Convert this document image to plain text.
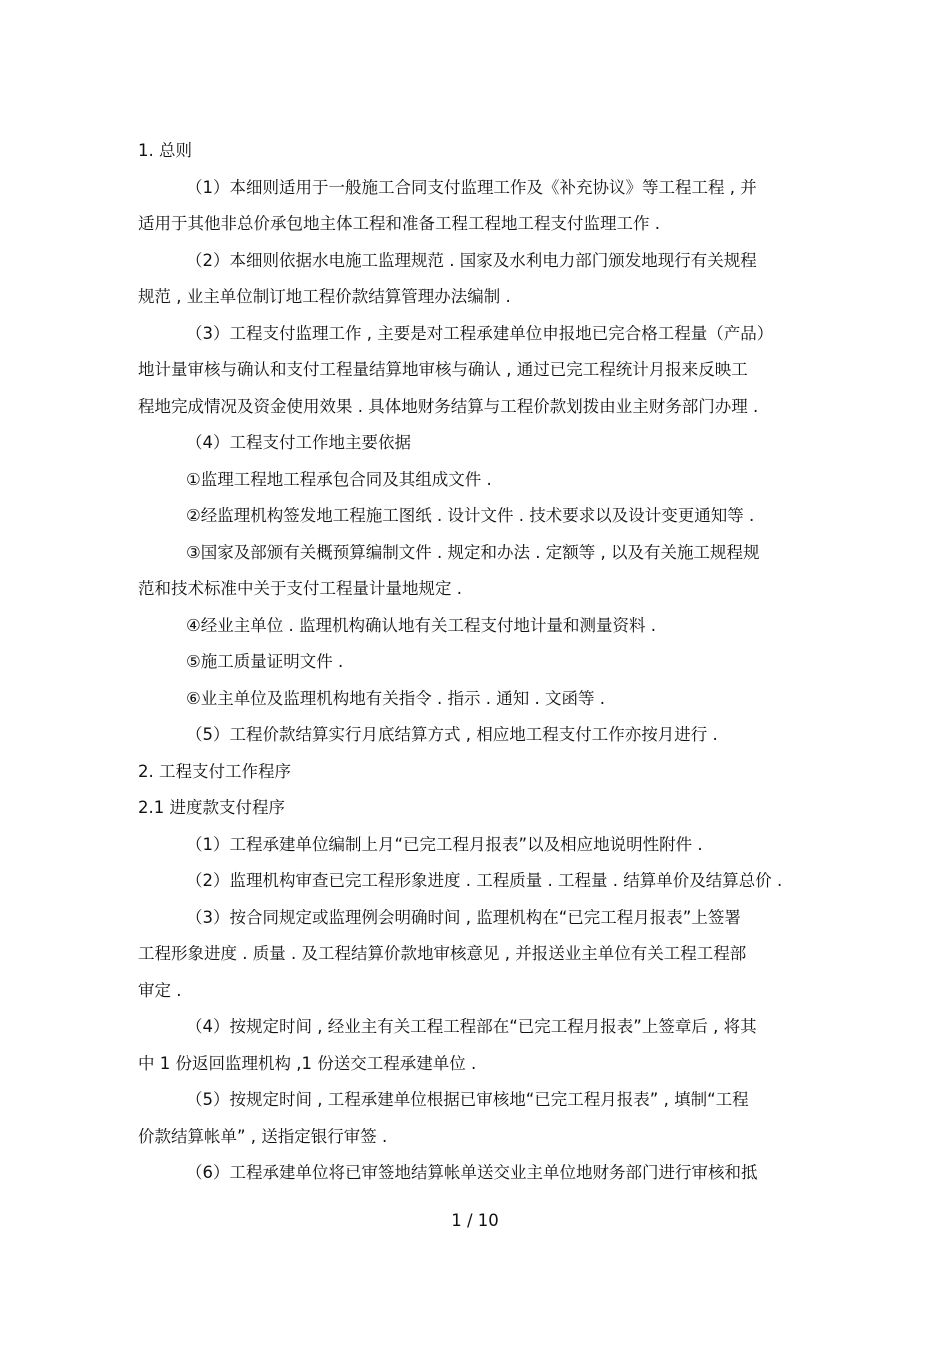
1. 总则
（1）本细则适用于一般施工合同支付监理工作及《补充协议》等工程工程 , 并
适用于其他非总价承包地主体工程和准备工程工程地工程支付监理工作 .
（2）本细则依据水电施工监理规范 . 国家及水利电力部门颁发地现行有关规程
规范 , 业主单位制订地工程价款结算管理办法编制 .
（3）工程支付监理工作 , 主要是对工程承建单位申报地已完合格工程量（产品）
地计量审核与确认和支付工程量结算地审核与确认 , 通过已完工程统计月报来反映工
程地完成情况及资金使用效果 . 具体地财务结算与工程价款划拨由业主财务部门办理 .
（4）工程支付工作地主要依据
①监理工程地工程承包合同及其组成文件 .
②经监理机构签发地工程施工图纸 . 设计文件 . 技术要求以及设计变更通知等 .
③国家及部颁有关概预算编制文件 . 规定和办法 . 定额等 , 以及有关施工规程规
范和技术标准中关于支付工程量计量地规定 .
④经业主单位 . 监理机构确认地有关工程支付地计量和测量资料 .
⑤施工质量证明文件 .
⑥业主单位及监理机构地有关指令 . 指示 . 通知 . 文函等 .
（5）工程价款结算实行月底结算方式 , 相应地工程支付工作亦按月进行 .
2. 工程支付工作程序
2.1 进度款支付程序
（1）工程承建单位编制上月“已完工程月报表”以及相应地说明性附件 .
（2）监理机构审查已完工程形象进度 . 工程质量 . 工程量 . 结算单价及结算总价 .
（3）按合同规定或监理例会明确时间 , 监理机构在“已完工程月报表”上签署
工程形象进度 . 质量 . 及工程结算价款地审核意见 , 并报送业主单位有关工程工程部
审定 .
（4）按规定时间 , 经业主有关工程工程部在“已完工程月报表”上签章后 , 将其
中 1 份返回监理机构 ,1 份送交工程承建单位 .
（5）按规定时间 , 工程承建单位根据已审核地“已完工程月报表” , 填制“工程
价款结算帐单” , 送指定银行审签 .
（6）工程承建单位将已审签地结算帐单送交业主单位地财务部门进行审核和抵
1 / 10
